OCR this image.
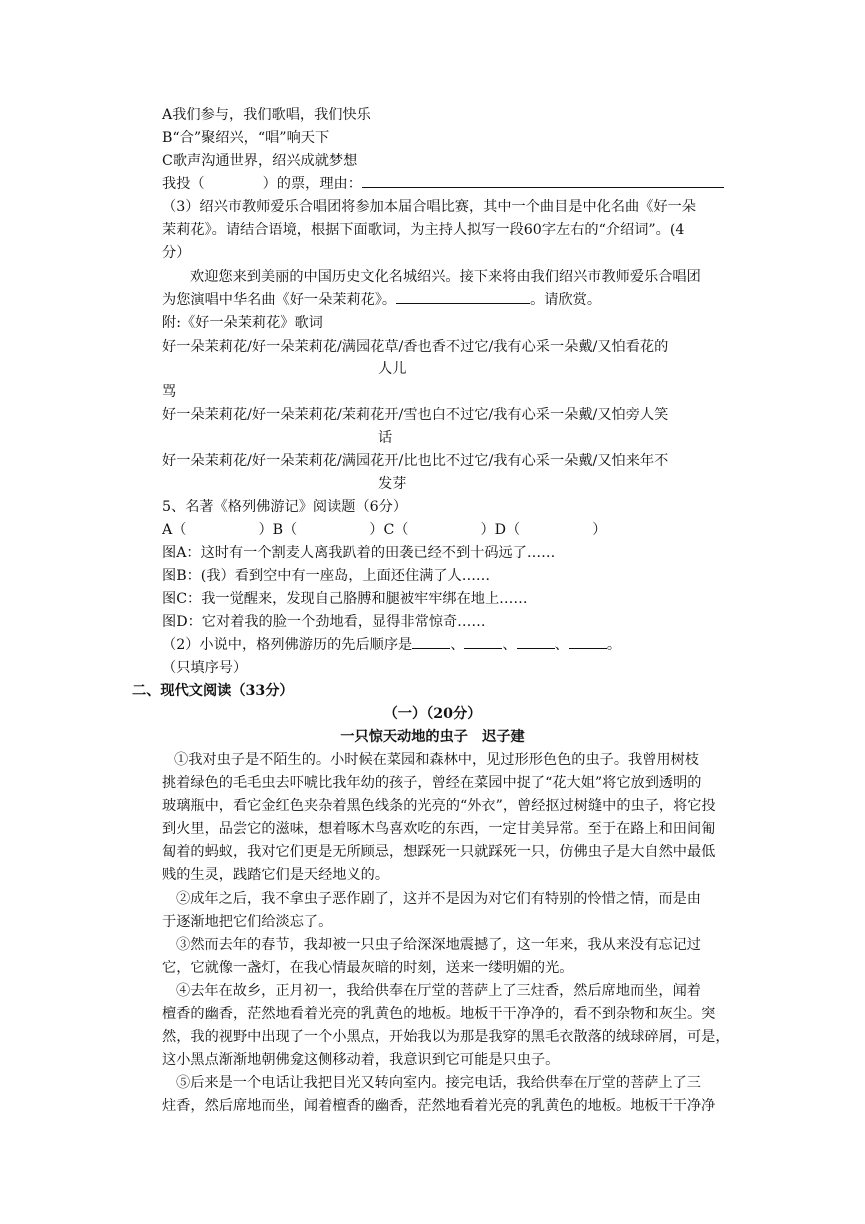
A我们参与，我们歌唱，我们快乐
B“合”聚绍兴，“唱”响天下
C歌声沟通世界，绍兴成就梦想
我投（	）的票，理由：
（3）绍兴市教师爱乐合唱团将参加本届合唱比赛，其中一个曲目是中化名曲《好一朵
茉莉花》。请结合语境，根据下面歌词，为主持人拟写一段60字左右的“介绍词”。(4
分）
欢迎您来到美丽的中国历史文化名城绍兴。接下来将由我们绍兴市教师爱乐合唱团
为您演唱中华名曲《好一朵茉莉花》。	。请欣赏。
附:《好一朵茉莉花》歌词
好一朵茉莉花/好一朵茉莉花/满园花草/香也香不过它/我有心采一朵戴/又怕看花的
人儿
骂
好一朵茉莉花/好一朵茉莉花/茉莉花开/雪也白不过它/我有心采一朵戴/又怕旁人笑
话
好一朵茉莉花/好一朵茉莉花/满园花开/比也比不过它/我有心采一朵戴/又怕来年不
发芽
5、名著《格列佛游记》阅读题（6分）
A（	）B（	）C（	）D（	）
图A：这时有一个割麦人离我趴着的田袭已经不到十码远了……
图B：(我）看到空中有一座岛，上面还住满了人……
图C：我一觉醒来，发现自己胳膊和腿被牢牢绑在地上……
图D：它对着我的脸一个劲地看，显得非常惊奇……
（2）小说中，格列佛游历的先后顺序是	、	、	、	。
（只填序号）
二、现代文阅读（33分）
（一）（20分）
一只惊天动地的虫子　迟子建
①我对虫子是不陌生的。小时候在菜园和森林中，见过形形色色的虫子。我曾用树枝
挑着绿色的毛毛虫去吓唬比我年幼的孩子，曾经在菜园中捉了“花大姐”将它放到透明的
玻璃瓶中，看它金红色夹杂着黑色线条的光亮的“外衣”，曾经抠过树缝中的虫子，将它投
到火里，品尝它的滋味，想着啄木鸟喜欢吃的东西，一定甘美异常。至于在路上和田间匍
匐着的蚂蚁，我对它们更是无所顾忌，想踩死一只就踩死一只，仿佛虫子是大自然中最低
贱的生灵，践踏它们是天经地义的。
②成年之后，我不拿虫子恶作剧了，这并不是因为对它们有特别的怜惜之情，而是由
于逐渐地把它们给淡忘了。
③然而去年的春节，我却被一只虫子给深深地震撼了，这一年来，我从来没有忘记过
它，它就像一盏灯，在我心情最灰暗的时刻，送来一缕明媚的光。
④去年在故乡，正月初一，我给供奉在厅堂的菩萨上了三炷香，然后席地而坐，闻着
檀香的幽香，茫然地看着光亮的乳黄色的地板。地板干干净净的，看不到杂物和灰尘。突
然，我的视野中出现了一个小黑点，开始我以为那是我穿的黑毛衣散落的绒球碎屑，可是，
这小黑点渐渐地朝佛龛这侧移动着，我意识到它可能是只虫子。
⑤后来是一个电话让我把目光又转向室内。接完电话，我给供奉在厅堂的菩萨上了三
炷香，然后席地而坐，闻着檀香的幽香，茫然地看着光亮的乳黄色的地板。地板干干净净
